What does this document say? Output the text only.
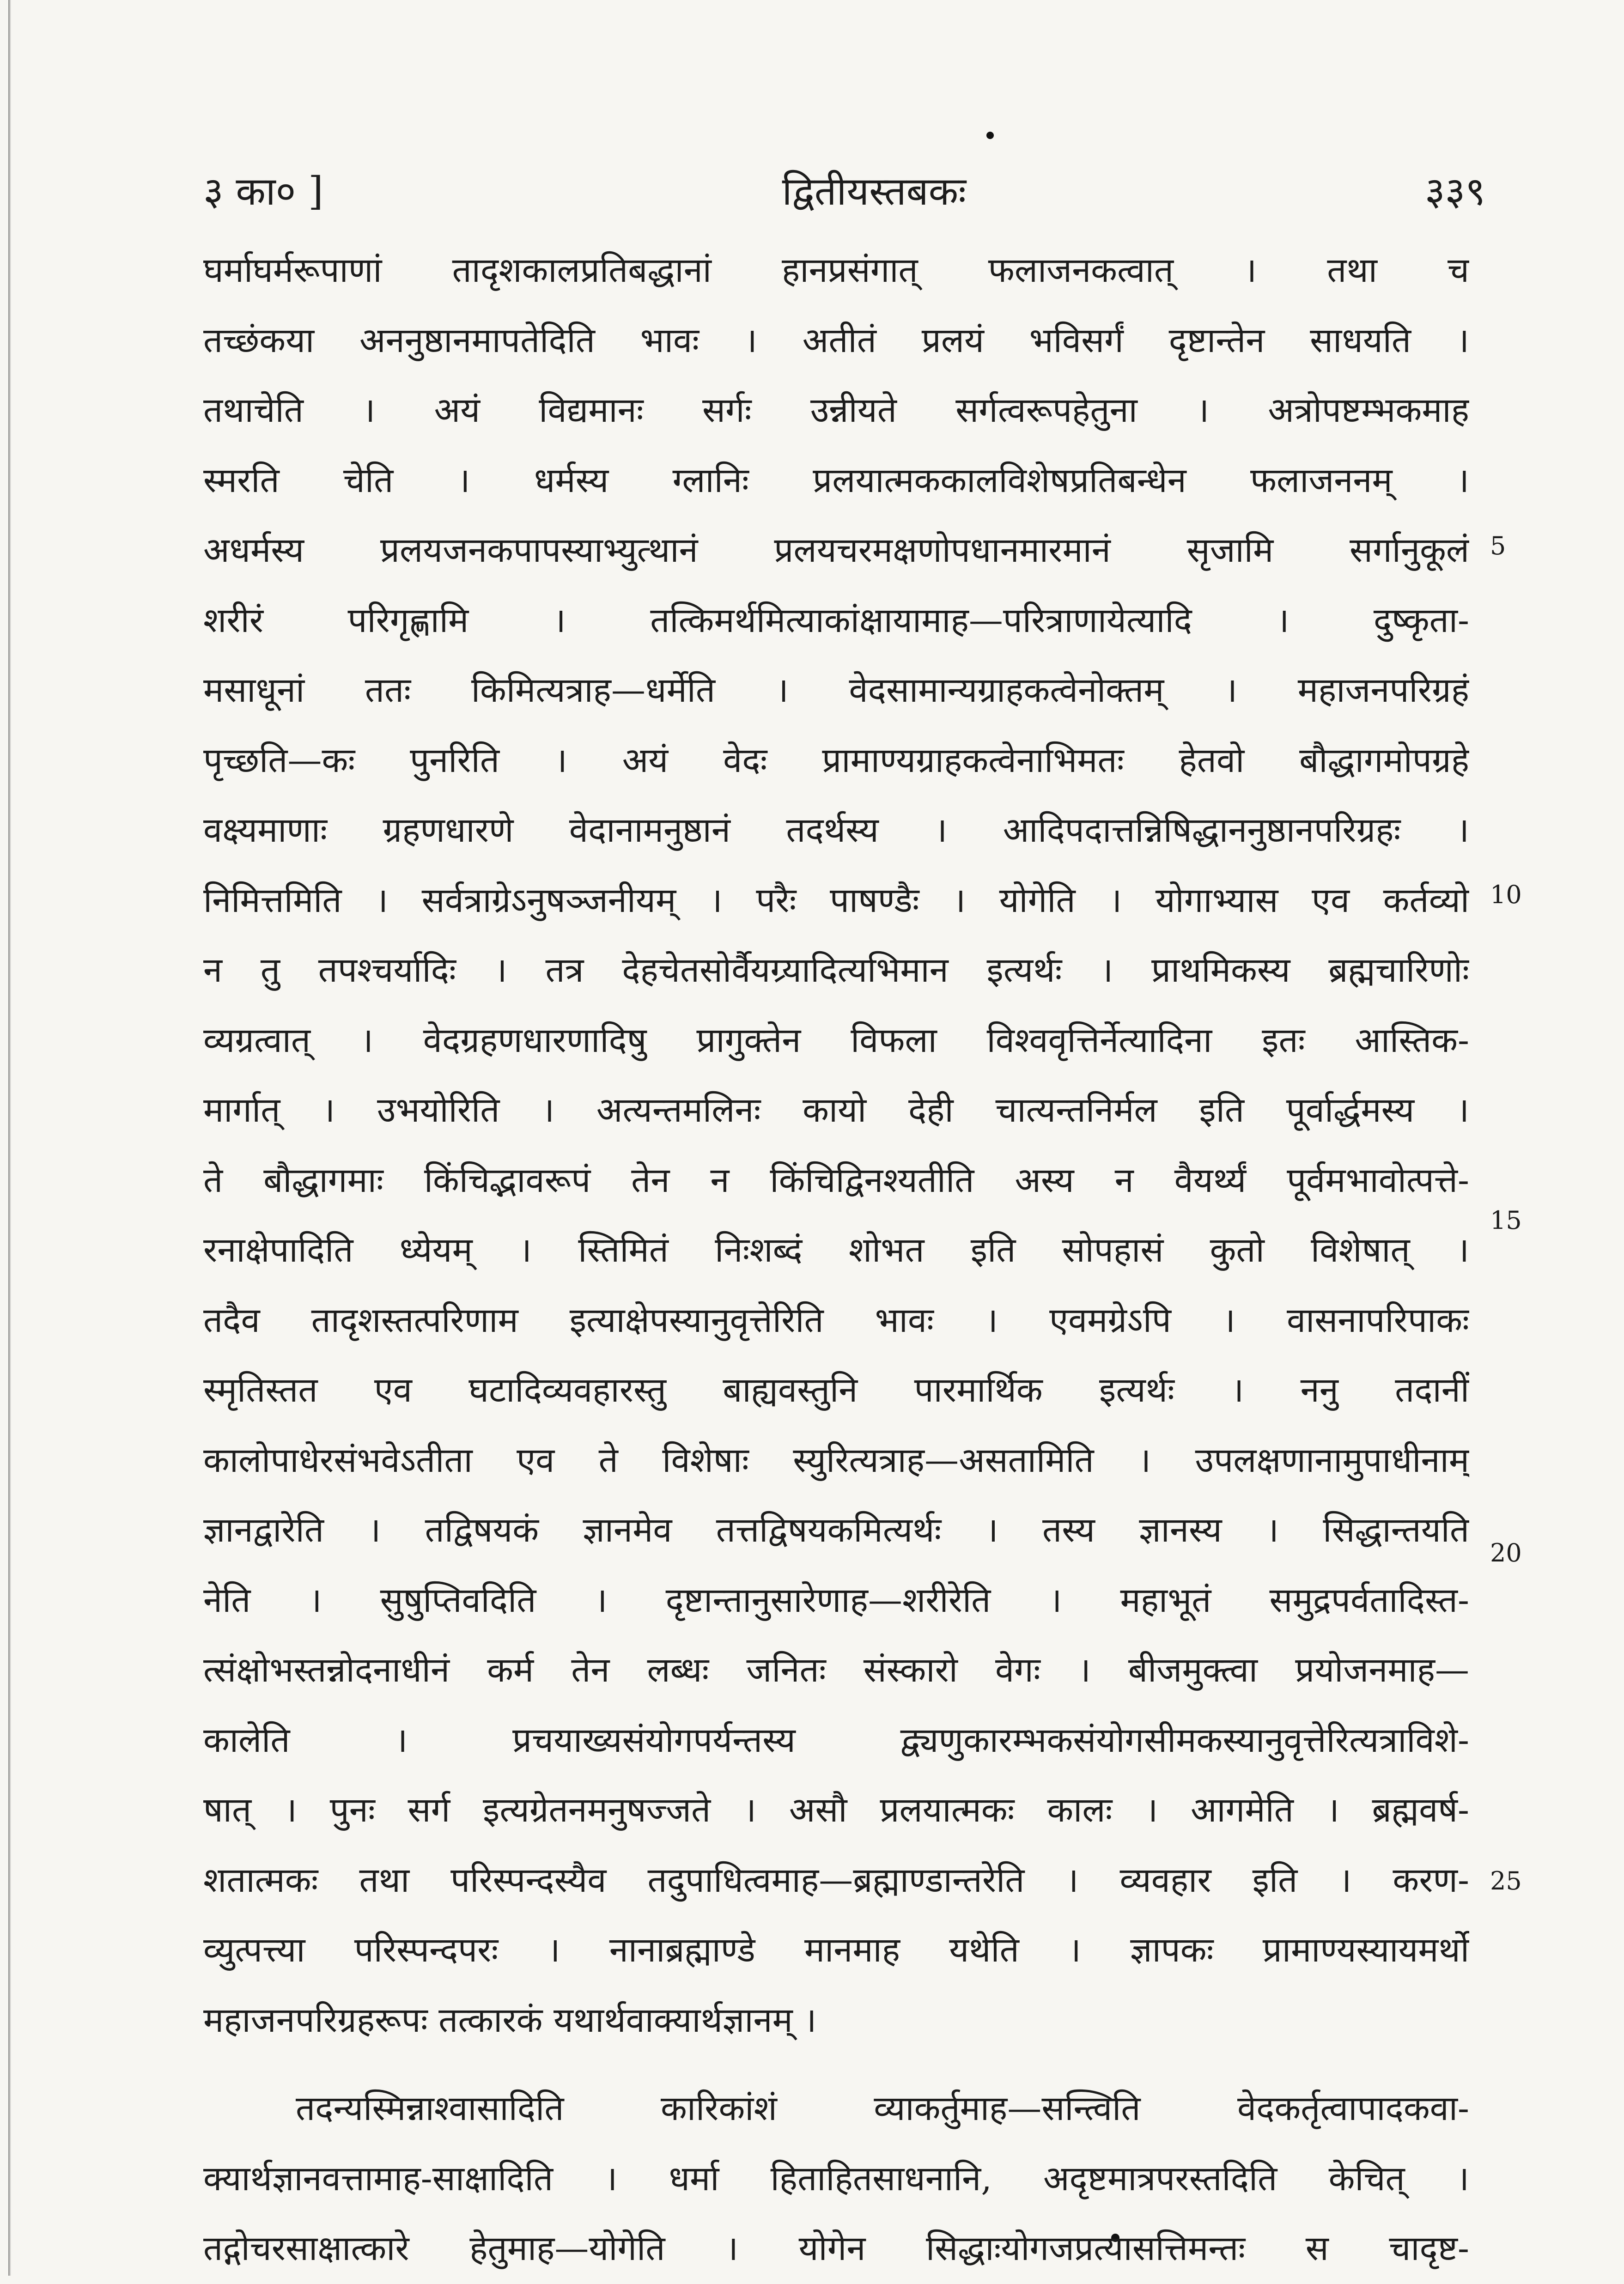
३ का० ]	द्वितीयस्तबकः	३३९
घर्माघर्मरूपाणां तादृशकालप्रतिबद्धानां हानप्रसंगात् फलाजनकत्वात् । तथा च
तच्छंकया अननुष्ठानमापतेदिति भावः । अतीतं प्रलयं भविसर्गं दृष्टान्तेन साधयति ।
तथाचेति । अयं विद्यमानः सर्गः उन्नीयते सर्गत्वरूपहेतुना । अत्रोपष्टम्भकमाह
स्मरति चेति । धर्मस्य ग्लानिः प्रलयात्मककालविशेषप्रतिबन्धेन फलाजननम् ।
अधर्मस्य प्रलयजनकपापस्याभ्युत्थानं प्रलयचरमक्षणोपधानमारमानं सृजामि सर्गानुकूलं
शरीरं परिगृह्णामि । तत्किमर्थमित्याकांक्षायामाह—परित्राणायेत्यादि । दुष्कृता-
मसाधूनां ततः किमित्यत्राह—धर्मेति । वेदसामान्यग्राहकत्वेनोक्तम् । महाजनपरिग्रहं
पृच्छति—कः पुनरिति । अयं वेदः प्रामाण्यग्राहकत्वेनाभिमतः हेतवो बौद्धागमोपग्रहे
वक्ष्यमाणाः ग्रहणधारणे वेदानामनुष्ठानं तदर्थस्य । आदिपदात्तन्निषिद्धाननुष्ठानपरिग्रहः ।
निमित्तमिति । सर्वत्राग्रेऽनुषञ्जनीयम् । परैः पाषण्डैः । योगेति । योगाभ्यास एव कर्तव्यो
न तु तपश्चर्यादिः । तत्र देहचेतसोर्वैयग्र्यादित्यभिमान इत्यर्थः । प्राथमिकस्य ब्रह्मचारिणोः
व्यग्रत्वात् । वेदग्रहणधारणादिषु प्रागुक्तेन विफला विश्ववृत्तिर्नेत्यादिना इतः आस्तिक-
मार्गात् । उभयोरिति । अत्यन्तमलिनः कायो देही चात्यन्तनिर्मल इति पूर्वार्द्धमस्य ।
ते बौद्धागमाः किंचिद्भावरूपं तेन न किंचिद्विनश्यतीति अस्य न वैयर्थ्यं पूर्वमभावोत्पत्ते-
रनाक्षेपादिति ध्येयम् । स्तिमितं निःशब्दं शोभत इति सोपहासं कुतो विशेषात् ।
तदैव तादृशस्तत्परिणाम इत्याक्षेपस्यानुवृत्तेरिति भावः । एवमग्रेऽपि । वासनापरिपाकः
स्मृतिस्तत एव घटादिव्यवहारस्तु बाह्यवस्तुनि पारमार्थिक इत्यर्थः । ननु तदानीं
कालोपाधेरसंभवेऽतीता एव ते विशेषाः स्युरित्यत्राह—असतामिति । उपलक्षणानामुपाधीनाम्
ज्ञानद्वारेति । तद्विषयकं ज्ञानमेव तत्तद्विषयकमित्यर्थः । तस्य ज्ञानस्य । सिद्धान्तयति
नेति । सुषुप्तिवदिति । दृष्टान्तानुसारेणाह—शरीरेति । महाभूतं समुद्रपर्वतादिस्त-
त्संक्षोभस्तन्नोदनाधीनं कर्म तेन लब्धः जनितः संस्कारो वेगः । बीजमुक्त्वा प्रयोजनमाह—
कालेति । प्रचयाख्यसंयोगपर्यन्तस्य द्व्यणुकारम्भकसंयोगसीमकस्यानुवृत्तेरित्यत्राविशे-
षात् । पुनः सर्ग इत्यग्रेतनमनुषज्जते । असौ प्रलयात्मकः कालः । आगमेति । ब्रह्मवर्ष-
शतात्मकः तथा परिस्पन्दस्यैव तदुपाधित्वमाह—ब्रह्माण्डान्तरेति । व्यवहार इति । करण-
व्युत्पत्त्या परिस्पन्दपरः । नानाब्रह्माण्डे मानमाह यथेति । ज्ञापकः प्रामाण्यस्यायमर्थो
महाजनपरिग्रहरूपः तत्कारकं यथार्थवाक्यार्थज्ञानम् ।
तदन्यस्मिन्नाश्वासादिति कारिकांशं व्याकर्तुमाह—सन्त्विति वेदकर्तृत्वापादकवा-
क्यार्थज्ञानवत्तामाह-साक्षादिति । धर्मा हिताहितसाधनानि, अदृष्टमात्रपरस्तदिति केचित् ।
तद्गोचरसाक्षात्कारे हेतुमाह—योगेति । योगेन सिद्धाःयोगजप्रत्यासत्तिमन्तः स चादृष्ट-
5
10
15
20
25
